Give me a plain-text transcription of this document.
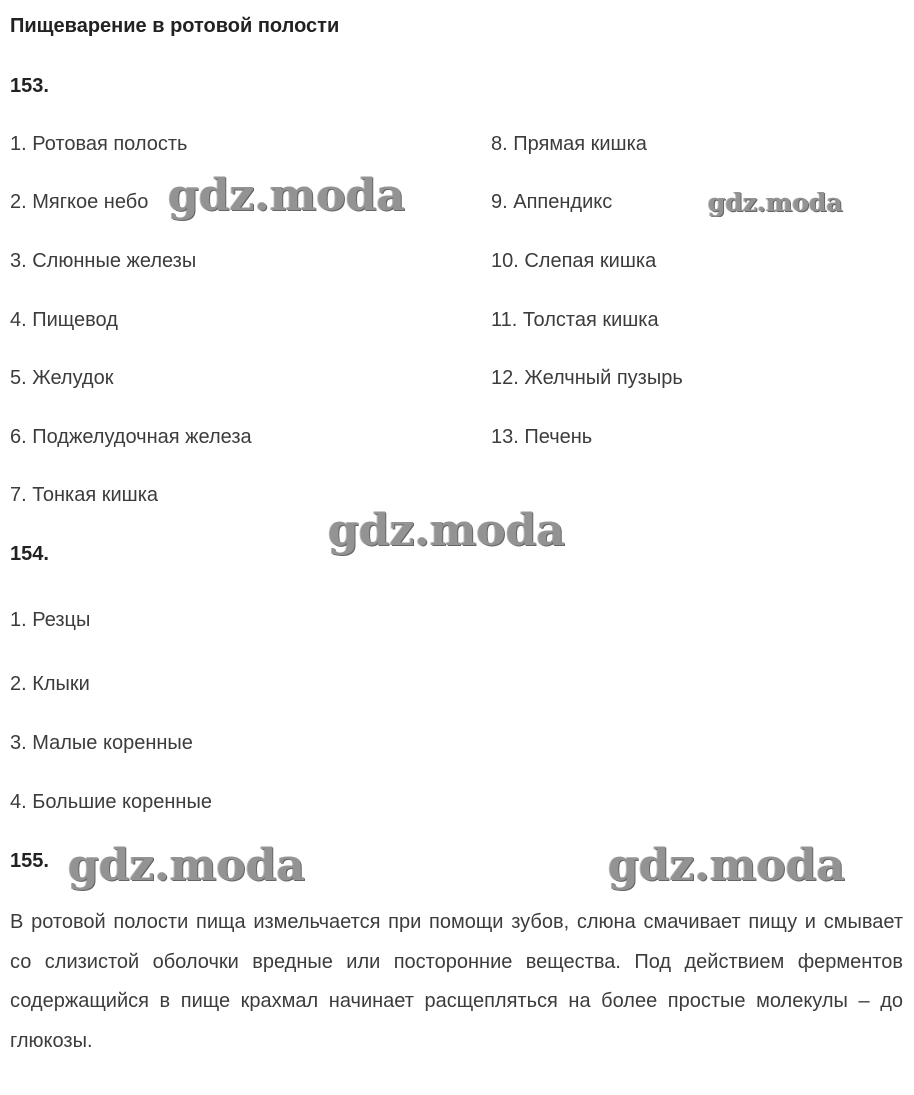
Пищеварение в ротовой полости
153.
1. Ротовая полость
2. Мягкое небо
3. Слюнные железы
4. Пищевод
5. Желудок
6. Поджелудочная железа
7. Тонкая кишка
8. Прямая кишка
9. Аппендикс
10. Слепая кишка
11. Толстая кишка
12. Желчный пузырь
13. Печень
154.
1. Резцы
2. Клыки
3. Малые коренные
4. Большие коренные
155.

В ротовой полости пища измельчается при помощи зубов, слюна смачивает пищу и смывает со слизистой оболочки вредные или посторонние вещества. Под действием ферментов содержащийся в пище крахмал начинает расщепляться на более простые молекулы – до глюкозы.

gdz.moda	gdz.moda
gdz.moda
gdz.moda	gdz.moda
